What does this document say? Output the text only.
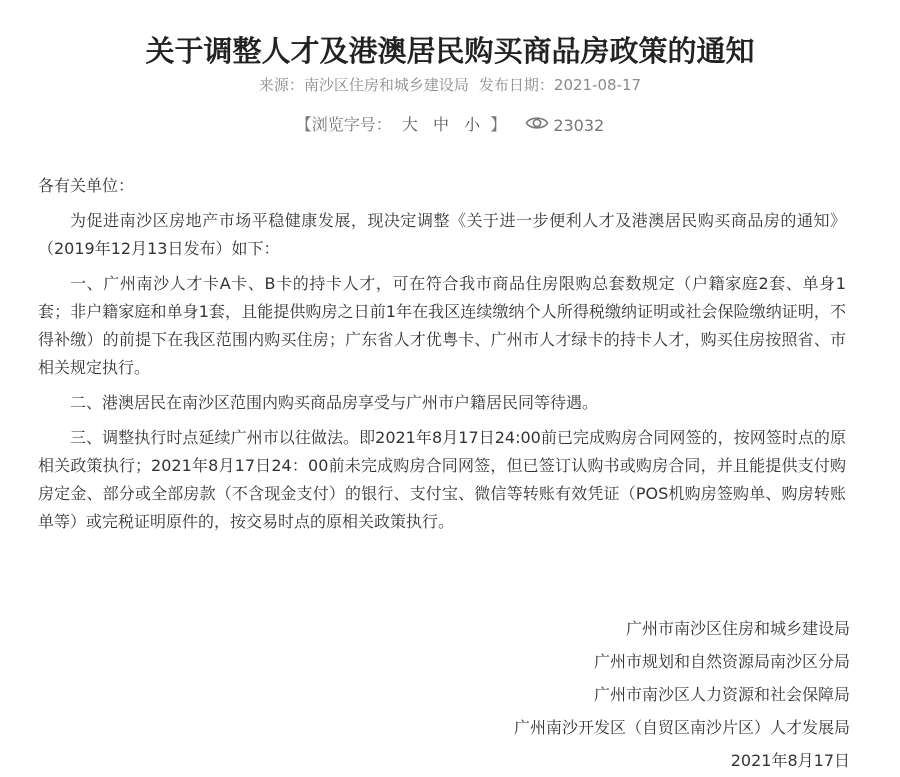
关于调整人才及港澳居民购买商品房政策的通知
来源：南沙区住房和城乡建设局 发布日期：2021-08-17
【浏览字号： 大 中 小 】	23032

各有关单位：

为促进南沙区房地产市场平稳健康发展，现决定调整《关于进一步便利人才及港澳居民购买商品房的通知》（2019年12月13日发布）如下：

一、广州南沙人才卡A卡、B卡的持卡人才，可在符合我市商品住房限购总套数规定（户籍家庭2套、单身1套；非户籍家庭和单身1套，且能提供购房之日前1年在我区连续缴纳个人所得税缴纳证明或社会保险缴纳证明，不得补缴）的前提下在我区范围内购买住房；广东省人才优粤卡、广州市人才绿卡的持卡人才，购买住房按照省、市相关规定执行。

二、港澳居民在南沙区范围内购买商品房享受与广州市户籍居民同等待遇。

三、调整执行时点延续广州市以往做法。即2021年8月17日24:00前已完成购房合同网签的，按网签时点的原相关政策执行；2021年8月17日24：00前未完成购房合同网签，但已签订认购书或购房合同，并且能提供支付购房定金、部分或全部房款（不含现金支付）的银行、支付宝、微信等转账有效凭证（POS机购房签购单、购房转账单等）或完税证明原件的，按交易时点的原相关政策执行。

广州市南沙区住房和城乡建设局
广州市规划和自然资源局南沙区分局
广州市南沙区人力资源和社会保障局
广州南沙开发区（自贸区南沙片区）人才发展局
2021年8月17日
